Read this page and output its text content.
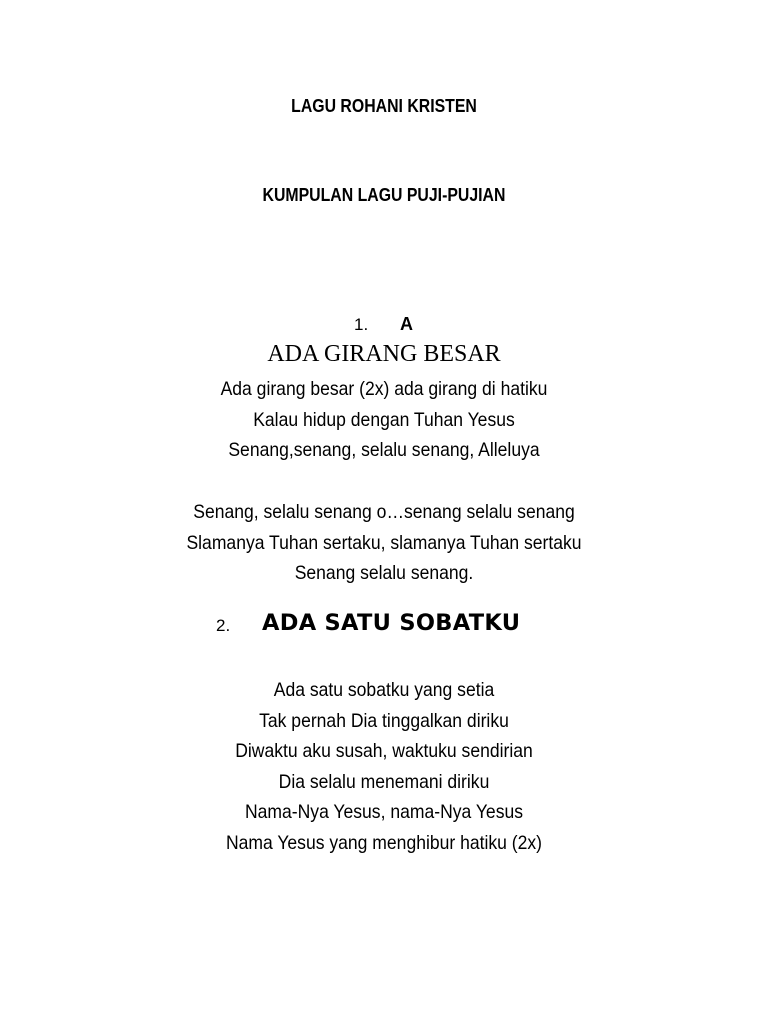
LAGU ROHANI KRISTEN
KUMPULAN LAGU PUJI-PUJIAN
1. A
ADA GIRANG BESAR
Ada girang besar (2x) ada girang di hatiku
Kalau hidup dengan Tuhan Yesus
Senang,senang, selalu senang, Alleluya
Senang, selalu senang o…senang selalu senang
Slamanya Tuhan sertaku, slamanya Tuhan sertaku
Senang selalu senang.
2. ADA SATU SOBATKU
Ada satu sobatku yang setia
Tak pernah Dia tinggalkan diriku
Diwaktu aku susah, waktuku sendirian
Dia selalu menemani diriku
Nama-Nya Yesus, nama-Nya Yesus
Nama Yesus yang menghibur hatiku (2x)
